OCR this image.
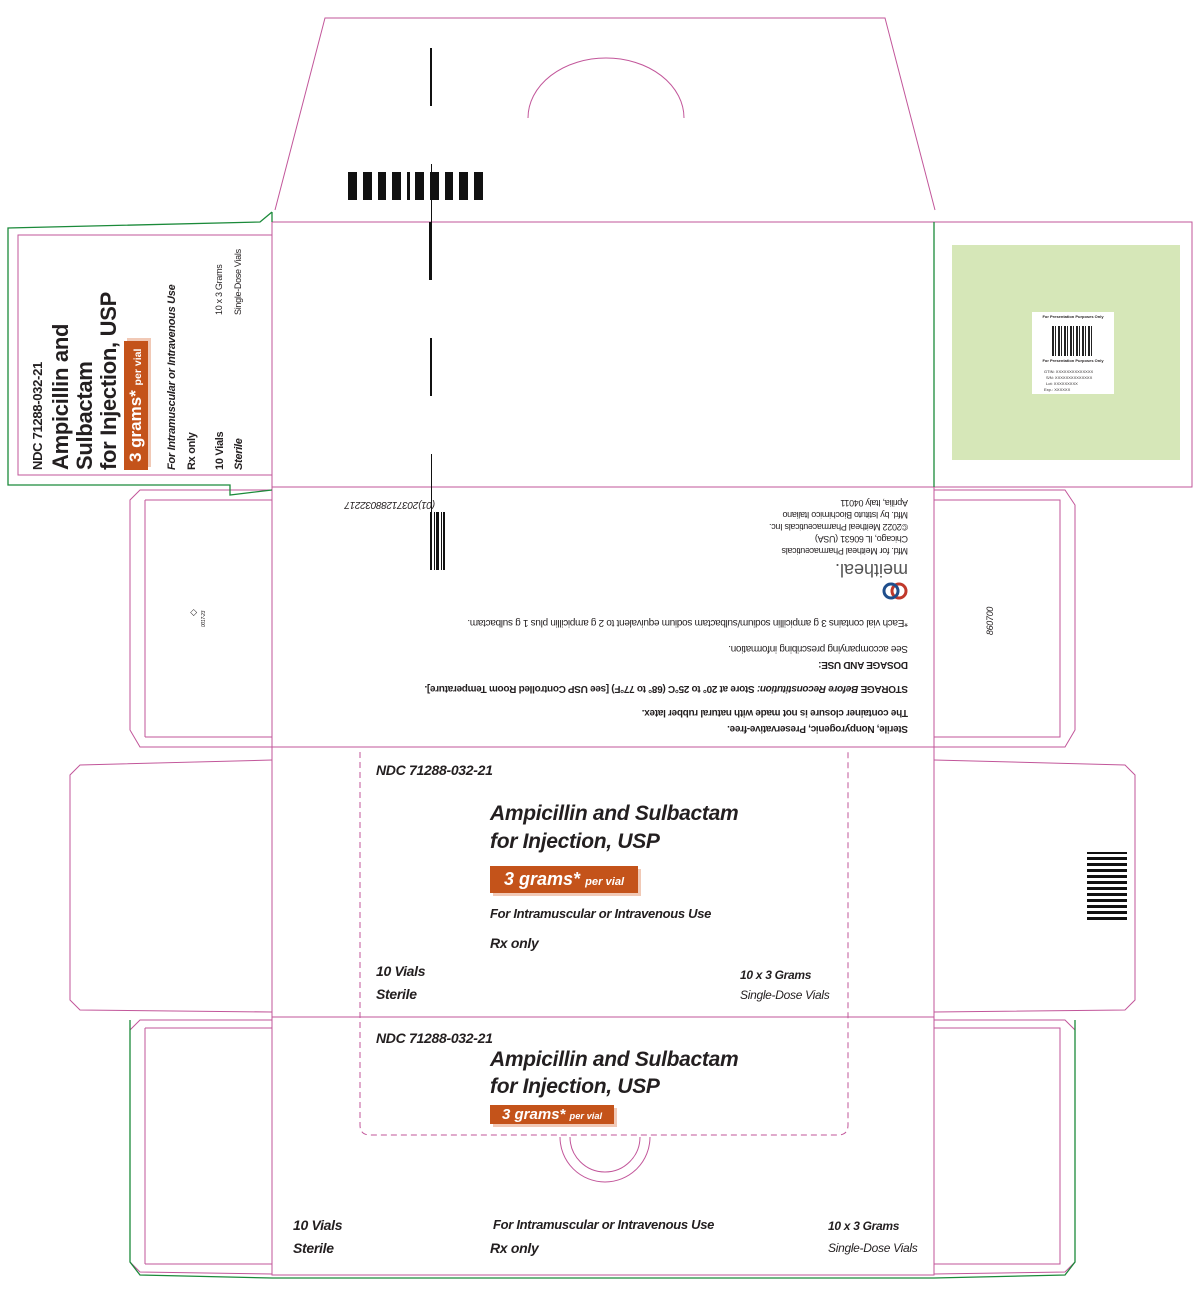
NDC 71288-032-21 Ampicillin and Sulbactam for Injection, USP 3 grams* per vial	For Intramuscular or Intravenous Use Rx only 10 Vials Sterile
10 x 3 Grams Single-Dose Vials
For Presentation Purposes Only
For Presentation Purposes Only
GTIN: XXXXXXXXXXXXXX
S/N: XXXXXXXXXXXXXX
Lot: XXXXXXXXX
Exp.: XXXXXX
Sterile, Nonpyrogenic, Preservative-free.
The container closure is not made with natural rubber latex.
STORAGE Before Reconstitution: Store at 20° to 25°C (68° to 77°F) [see USP Controlled Room Temperature].
DOSAGE AND USE:
See accompanying prescribing information.
*Each vial contains 3 g ampicillin sodium/sulbactam sodium equivalent to 2 g ampicillin plus 1 g sulbactam.
meitheal.
Mfd. for Meitheal Pharmaceuticals
Chicago, IL 60631 (USA)
©2022 Meitheal Pharmaceuticals Inc.
Mfd. by Istituto Biochimico Italiano
Aprilia, Italy 04011
(01)20371288032217
860700
◇ 0017-23
NDC 71288-032-21
Ampicillin and Sulbactam
for Injection, USP
3 grams* per vial
For Intramuscular or Intravenous Use
Rx only
10 Vials
Sterile
10 x 3 Grams
Single-Dose Vials
NDC 71288-032-21
Ampicillin and Sulbactam
for Injection, USP
3 grams* per vial
10 Vials
Sterile
For Intramuscular or Intravenous Use
Rx only
10 x 3 Grams
Single-Dose Vials
